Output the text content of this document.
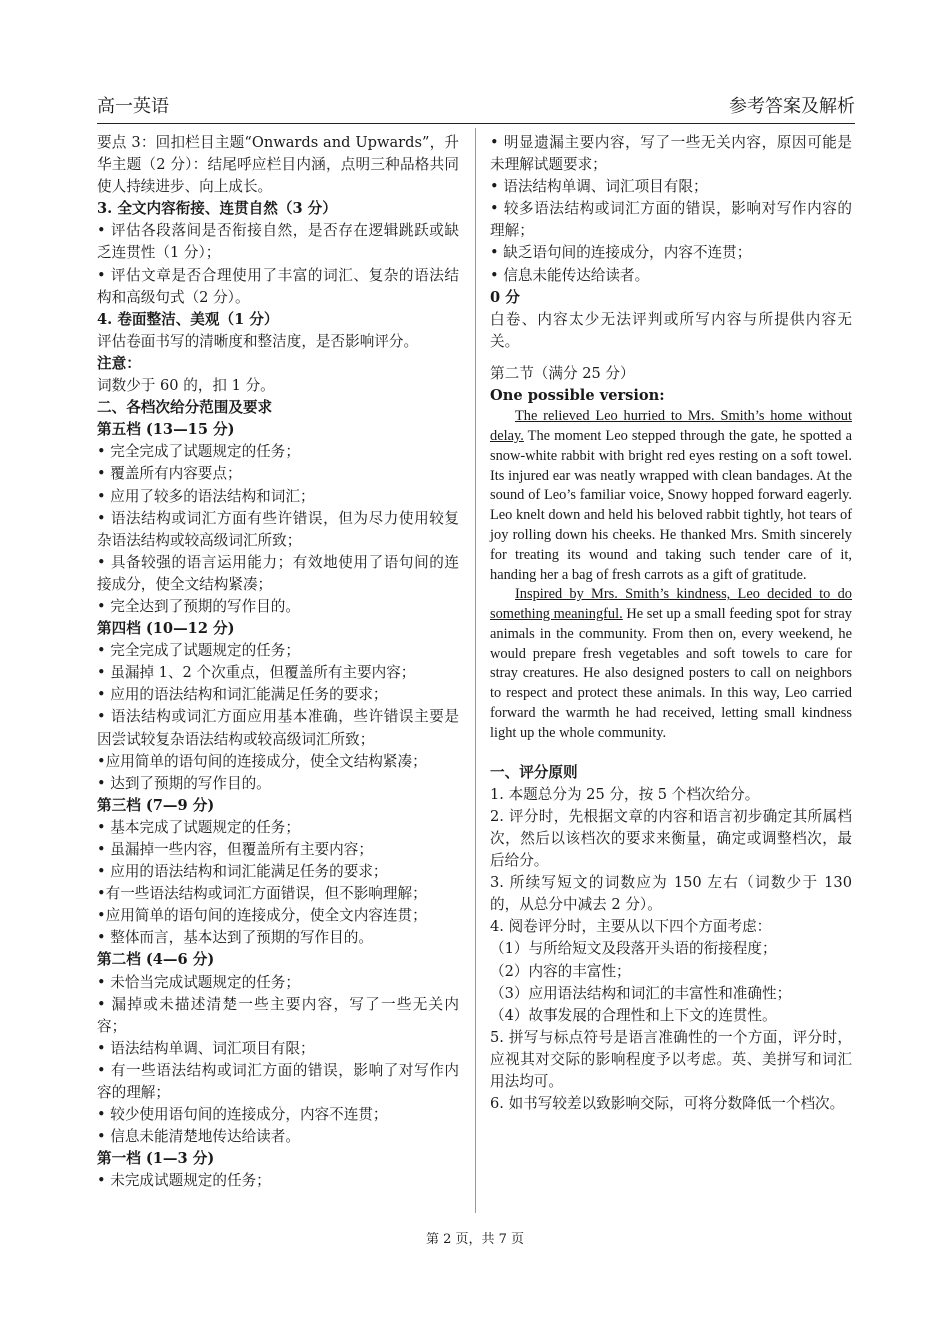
高一英语	参考答案及解析

要点 3：回扣栏目主题“Onwards and Upwards”，升华主题（2 分）：结尾呼应栏目内涵，点明三种品格共同使人持续进步、向上成长。

3. 全文内容衔接、连贯自然（3 分）

• 评估各段落间是否衔接自然，是否存在逻辑跳跃或缺乏连贯性（1 分）；

• 评估文章是否合理使用了丰富的词汇、复杂的语法结构和高级句式（2 分）。

4. 卷面整洁、美观（1 分）

评估卷面书写的清晰度和整洁度，是否影响评分。

注意：

词数少于 60 的，扣 1 分。

二、各档次给分范围及要求

第五档 (13—15 分)

• 完全完成了试题规定的任务；

• 覆盖所有内容要点；

• 应用了较多的语法结构和词汇；

• 语法结构或词汇方面有些许错误，但为尽力使用较复杂语法结构或较高级词汇所致；

• 具备较强的语言运用能力；有效地使用了语句间的连接成分，使全文结构紧凑；

• 完全达到了预期的写作目的。

第四档 (10—12 分)

• 完全完成了试题规定的任务；

• 虽漏掉 1、2 个次重点，但覆盖所有主要内容；

• 应用的语法结构和词汇能满足任务的要求；

• 语法结构或词汇方面应用基本准确，些许错误主要是因尝试较复杂语法结构或较高级词汇所致；

•应用简单的语句间的连接成分，使全文结构紧凑；

• 达到了预期的写作目的。

第三档 (7—9 分)

• 基本完成了试题规定的任务；

• 虽漏掉一些内容，但覆盖所有主要内容；

• 应用的语法结构和词汇能满足任务的要求；

•有一些语法结构或词汇方面错误，但不影响理解；

•应用简单的语句间的连接成分，使全文内容连贯；

• 整体而言，基本达到了预期的写作目的。

第二档 (4—6 分)

• 未恰当完成试题规定的任务；

• 漏掉或未描述清楚一些主要内容，写了一些无关内容；

• 语法结构单调、词汇项目有限；

• 有一些语法结构或词汇方面的错误，影响了对写作内容的理解；

• 较少使用语句间的连接成分，内容不连贯；

• 信息未能清楚地传达给读者。

第一档 (1—3 分)

• 未完成试题规定的任务；

• 明显遗漏主要内容，写了一些无关内容，原因可能是未理解试题要求；

• 语法结构单调、词汇项目有限；

• 较多语法结构或词汇方面的错误，影响对写作内容的理解；

• 缺乏语句间的连接成分，内容不连贯；

• 信息未能传达给读者。

0 分

白卷、内容太少无法评判或所写内容与所提供内容无关。

第二节（满分 25 分）

One possible version:

The relieved Leo hurried to Mrs. Smith’s home without delay. The moment Leo stepped through the gate, he spotted a snow-white rabbit with bright red eyes resting on a soft towel. Its injured ear was neatly wrapped with clean bandages. At the sound of Leo’s familiar voice, Snowy hopped forward eagerly. Leo knelt down and held his beloved rabbit tightly, hot tears of joy rolling down his cheeks. He thanked Mrs. Smith sincerely for treating its wound and taking such tender care of it, handing her a bag of fresh carrots as a gift of gratitude.

Inspired by Mrs. Smith’s kindness, Leo decided to do something meaningful. He set up a small feeding spot for stray animals in the community. From then on, every weekend, he would prepare fresh vegetables and soft towels to care for stray creatures. He also designed posters to call on neighbors to respect and protect these animals. In this way, Leo carried forward the warmth he had received, letting small kindness light up the whole community.

一、评分原则

1. 本题总分为 25 分，按 5 个档次给分。

2. 评分时，先根据文章的内容和语言初步确定其所属档次，然后以该档次的要求来衡量，确定或调整档次，最后给分。

3. 所续写短文的词数应为 150 左右（词数少于 130 的，从总分中减去 2 分）。

4. 阅卷评分时，主要从以下四个方面考虑：

（1）与所给短文及段落开头语的衔接程度；

（2）内容的丰富性；

（3）应用语法结构和词汇的丰富性和准确性；

（4）故事发展的合理性和上下文的连贯性。

5. 拼写与标点符号是语言准确性的一个方面，评分时，应视其对交际的影响程度予以考虑。英、美拼写和词汇用法均可。

6. 如书写较差以致影响交际，可将分数降低一个档次。

第 2 页，共 7 页
